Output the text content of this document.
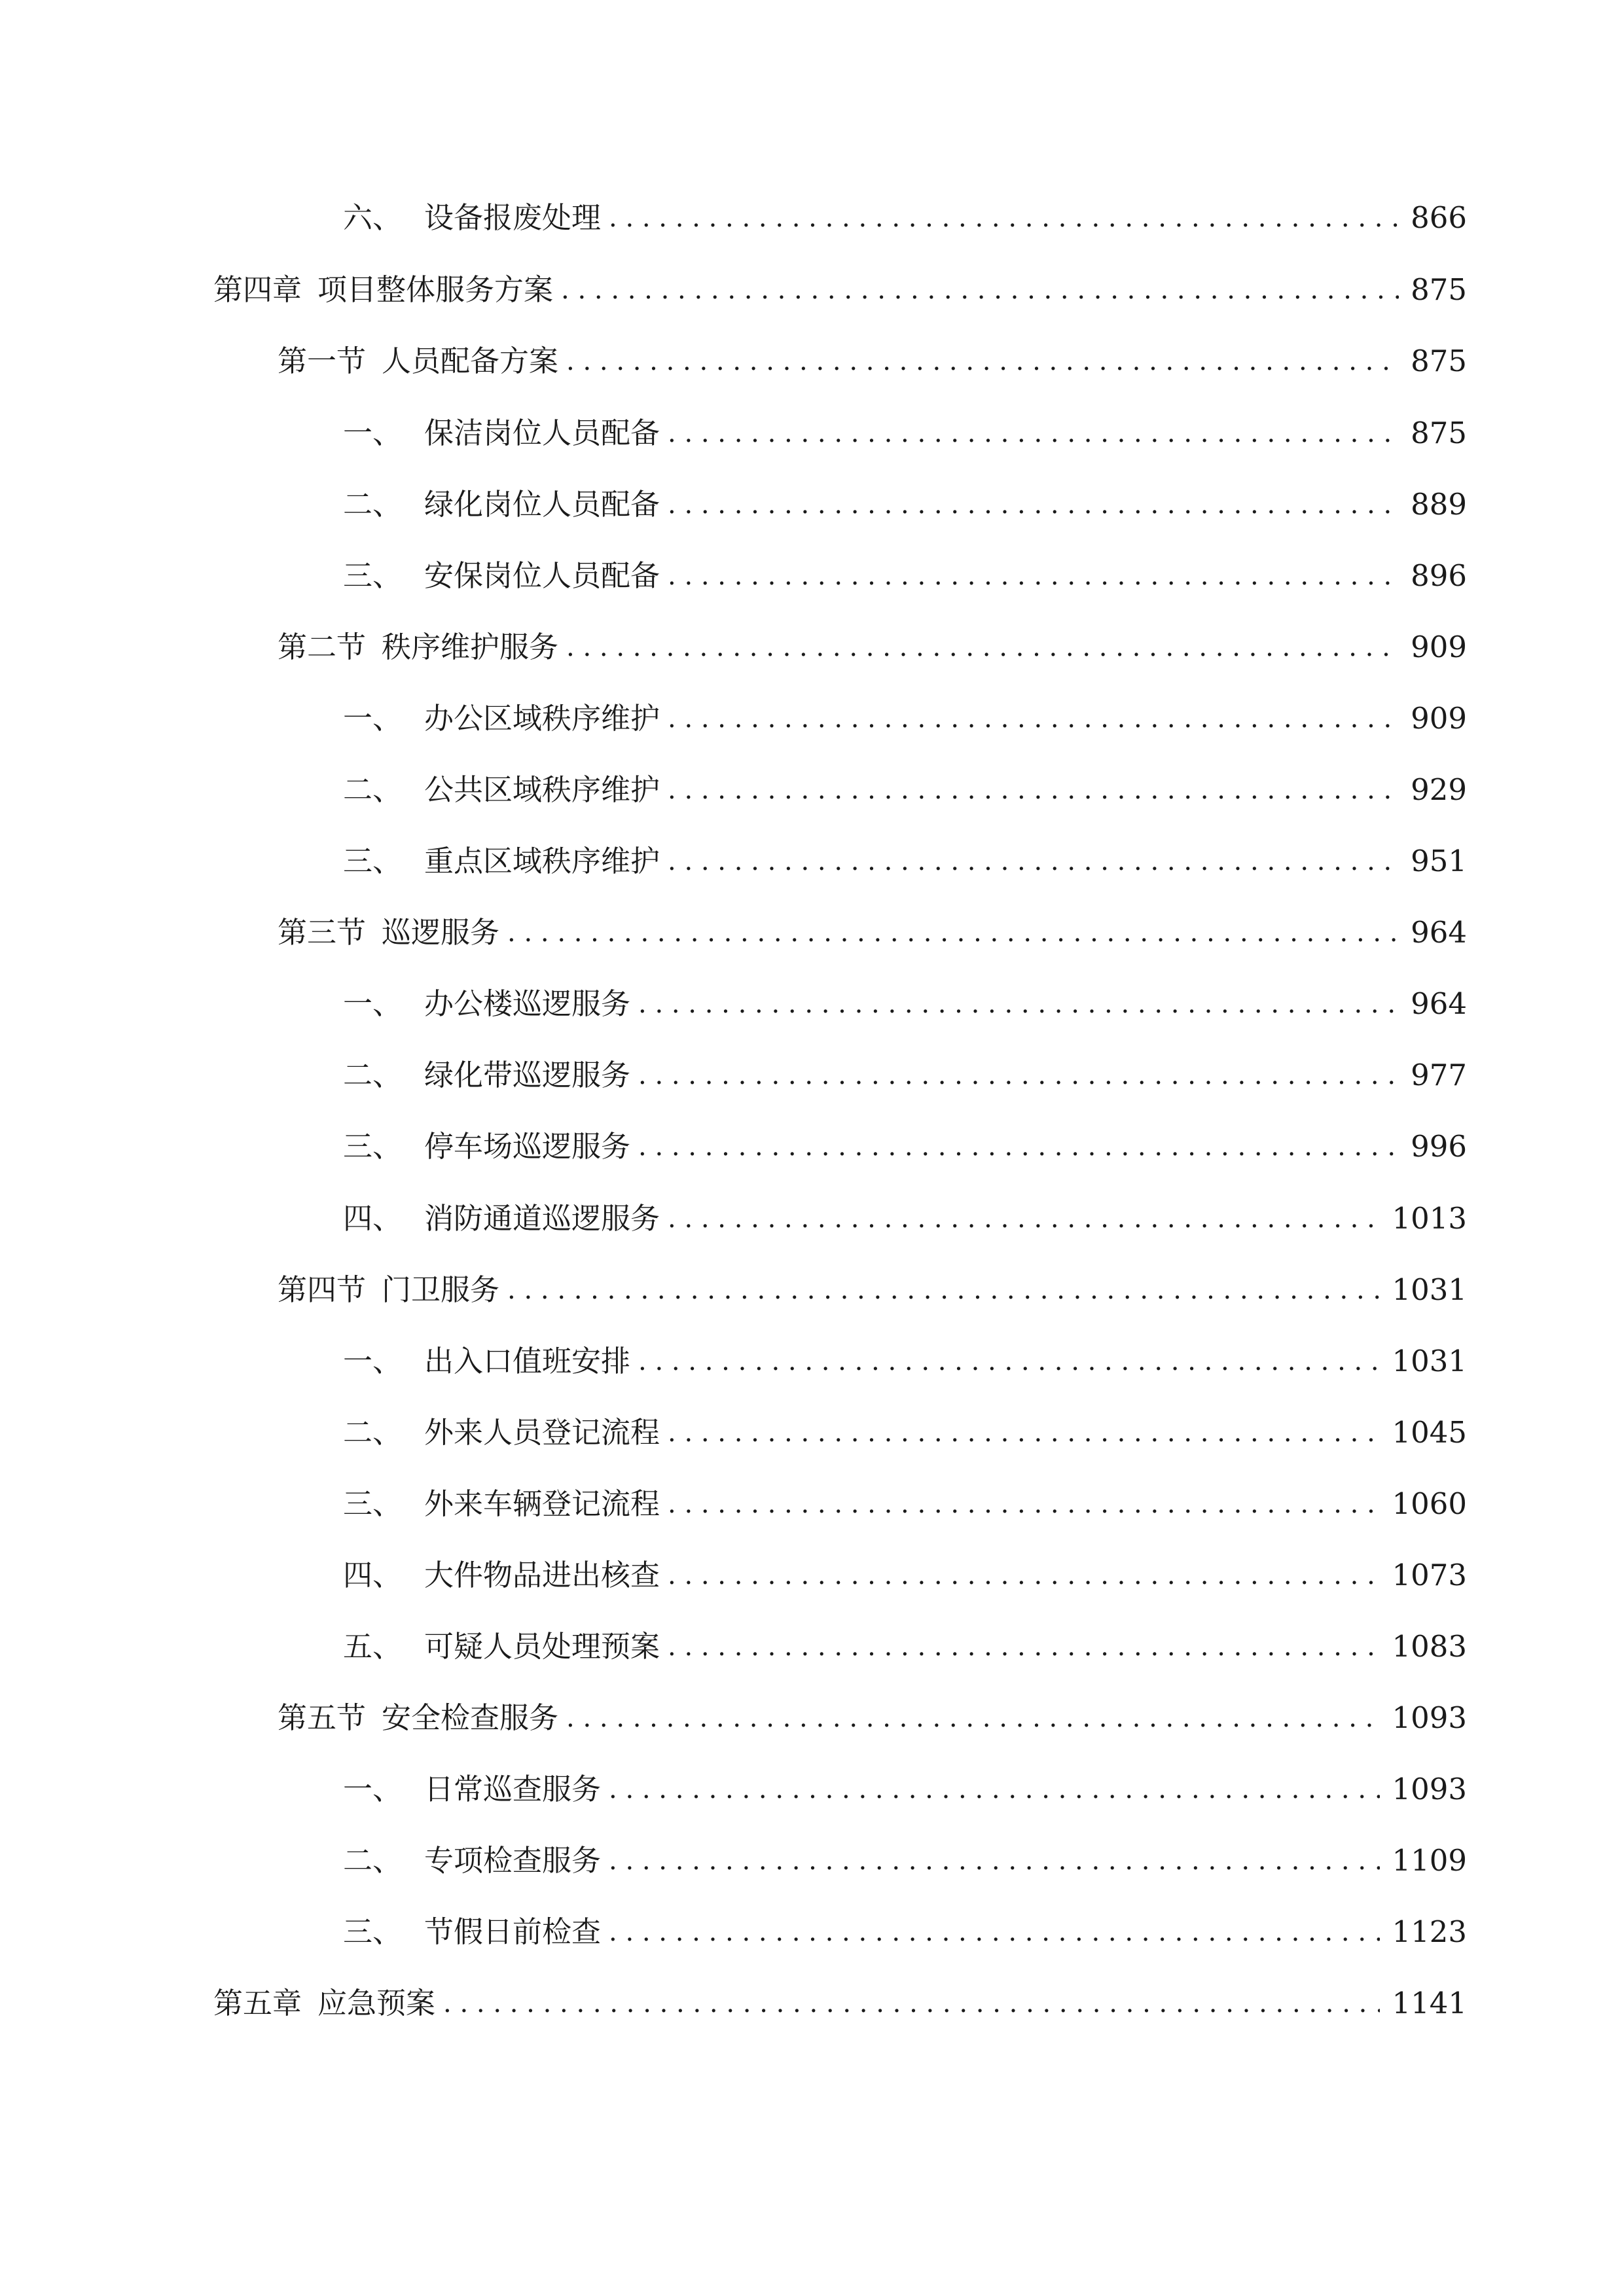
六、 设备报废处理 . . .	866
第四章 项目整体服务方案 . . .	875
第一节 人员配备方案 . . .	875
一、 保洁岗位人员配备 . . .	875
二、 绿化岗位人员配备 . . .	889
三、 安保岗位人员配备 . . .	896
第二节 秩序维护服务 . . .	909
一、 办公区域秩序维护 . . .	909
二、 公共区域秩序维护 . . .	929
三、 重点区域秩序维护 . . .	951
第三节 巡逻服务 . . .	964
一、 办公楼巡逻服务 . . .	964
二、 绿化带巡逻服务 . . .	977
三、 停车场巡逻服务 . . .	996
四、 消防通道巡逻服务 . . .	1013
第四节 门卫服务 . . .	1031
一、 出入口值班安排 . . .	1031
二、 外来人员登记流程 . . .	1045
三、 外来车辆登记流程 . . .	1060
四、 大件物品进出核查 . . .	1073
五、 可疑人员处理预案 . . .	1083
第五节 安全检查服务 . . .	1093
一、 日常巡查服务 . . .	1093
二、 专项检查服务 . . .	1109
三、 节假日前检查 . . .	1123
第五章 应急预案 . . .	1141
